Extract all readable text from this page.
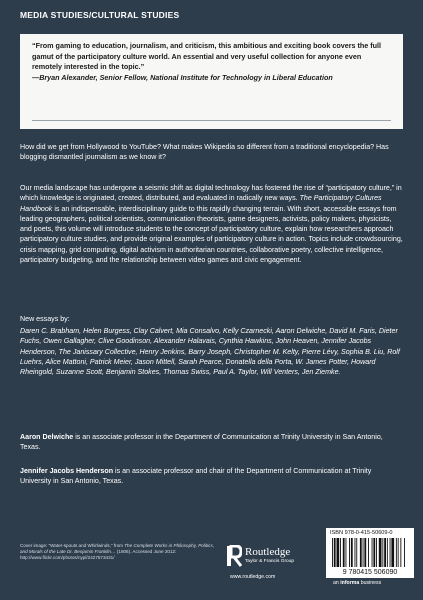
MEDIA STUDIES/CULTURAL STUDIES
“From gaming to education, journalism, and criticism, this ambitious and exciting book covers the full gamut of the participatory culture world. An essential and very useful collection for anyone even remotely interested in the topic.”
—Bryan Alexander, Senior Fellow, National Institute for Technology in Liberal Education

How did we get from Hollywood to YouTube? What makes Wikipedia so different from a traditional encyclopedia? Has blogging dismantled journalism as we know it?

Our media landscape has undergone a seismic shift as digital technology has fostered the rise of “participatory culture,” in which knowledge is originated, created, distributed, and evaluated in radically new ways. The Participatory Cultures Handbook is an indispensable, interdisciplinary guide to this rapidly changing terrain. With short, accessible essays from leading geographers, political scientists, communication theorists, game designers, activists, policy makers, physicists, and poets, this volume will introduce students to the concept of participatory culture, explain how researchers approach participatory culture studies, and provide original examples of participatory culture in action. Topics include crowdsourcing, crisis mapping, grid computing, digital activism in authoritarian countries, collaborative poetry, collective intelligence, participatory budgeting, and the relationship between video games and civic engagement.

New essays by:

Daren C. Brabham, Helen Burgess, Clay Calvert, Mia Consalvo, Kelly Czarnecki, Aaron Delwiche, David M. Faris, Dieter Fuchs, Owen Gallagher, Clive Goodinson, Alexander Halavais, Cynthia Hawkins, John Heaven, Jennifer Jacobs Henderson, The Janissary Collective, Henry Jenkins, Barry Joseph, Christopher M. Kelty, Pierre Lévy, Sophia B. Liu, Rolf Luehrs, Alice Mattoni, Patrick Meier, Jason Mittell, Sarah Pearce, Donatella della Porta, W. James Potter, Howard Rheingold, Suzanne Scott, Benjamin Stokes, Thomas Swiss, Paul A. Taylor, Will Venters, Jen Ziemke.

Aaron Delwiche is an associate professor in the Department of Communication at Trinity University in San Antonio, Texas.

Jennifer Jacobs Henderson is an associate professor and chair of the Department of Communication at Trinity University in San Antonio, Texas.

Cover image: “Water-spouts and Whirlwinds,” from The Complete Works in Philosophy, Politics, and Morals of the Late Dr. Benjamin Franklin… (1806). Accessed June 2012: http://www.flickr.com/photos/nypl/2427573431/	Routledge
Taylor & Francis Group
www.routledge.com
ISBN 978-0-415-50609-0
9 780415 506090
an informa business
